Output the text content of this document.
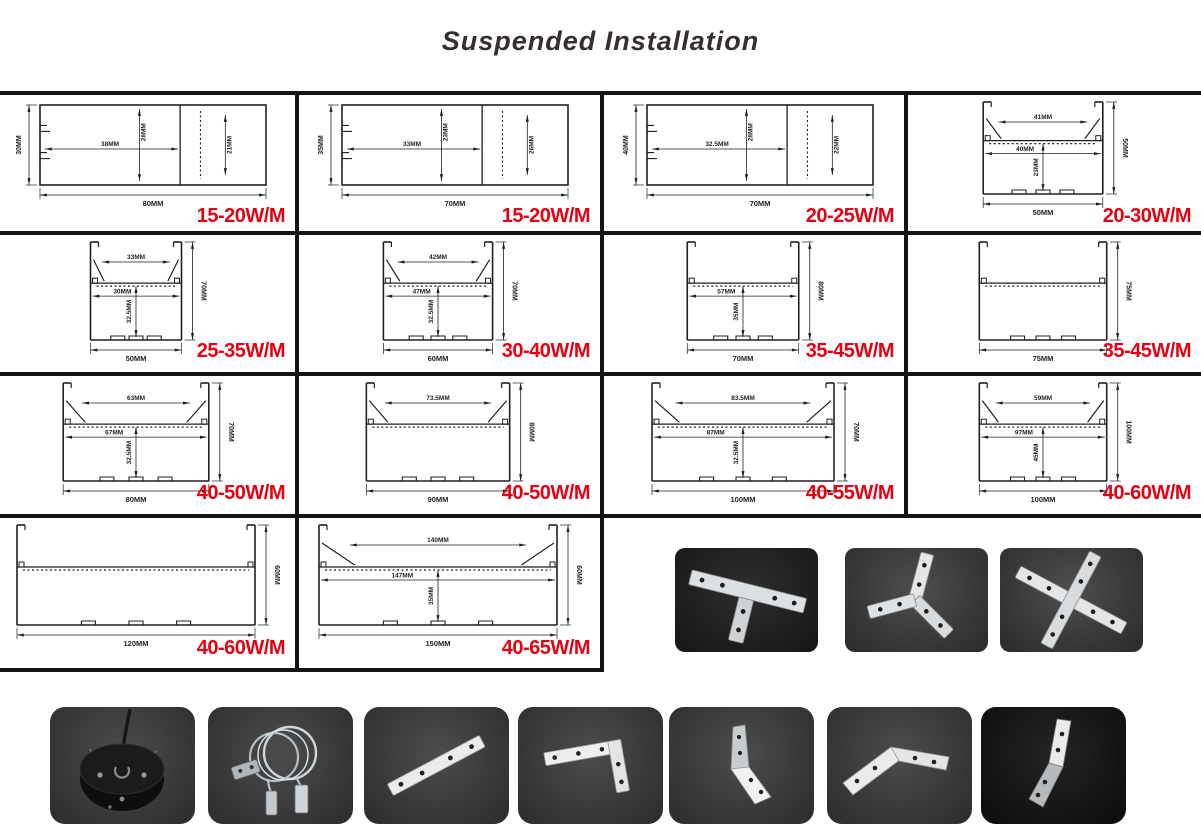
Suspended Installation
30MM
80MM
38MM
28MM
21MM
15-20W/M
35MM
70MM
33MM
23MM
26MM
15-20W/M
40MM
70MM
32.5MM
28MM
22MM
20-25W/M	50MM
50MM
41MM
40MM
23MM
20-30W/M
50MM
70MM
33MM
30MM
32.5MM
25-35W/M	60MM
70MM
42MM
47MM
32.5MM
30-40W/M	70MM
80MM
57MM
35MM
35-45W/M	75MM
75MM
35-45W/M
80MM
70MM
63MM
67MM
32.5MM
40-50W/M	90MM
80MM
73.5MM
40-50W/M	100MM
70MM
83.5MM
87MM
32.5MM
40-55W/M	100MM
100MM
59MM
97MM
45MM
40-60W/M
120MM
60MM
40-60W/M	150MM
60MM
140MM
147MM
35MM
40-65W/M
